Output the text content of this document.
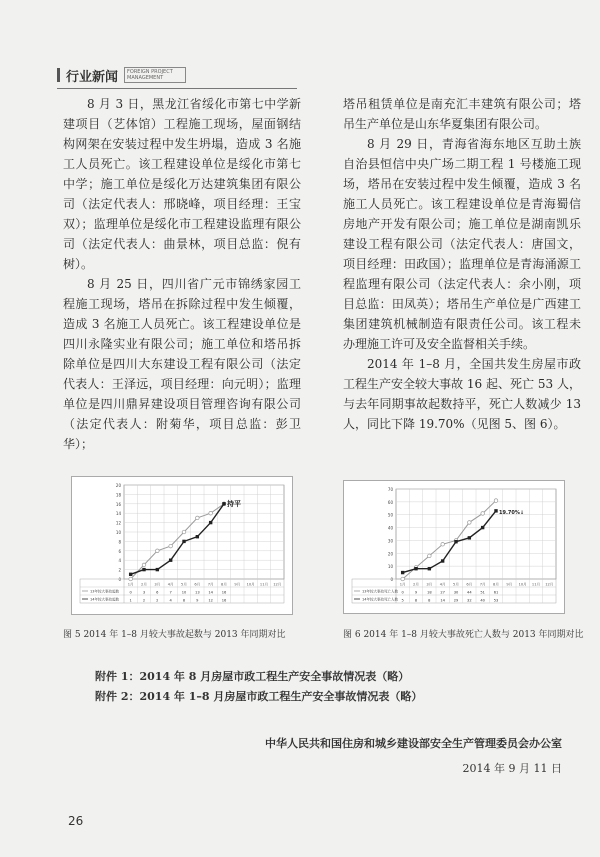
行业新闻	FOREIGN PROJECT MANAGEMENT

8 月 3 日，黑龙江省绥化市第七中学新建项目（艺体馆）工程施工现场，屋面钢结构网架在安装过程中发生坍塌，造成 3 名施工人员死亡。该工程建设单位是绥化市第七中学；施工单位是绥化万达建筑集团有限公司（法定代表人：邢晓峰，项目经理：王宝双）；监理单位是绥化市工程建设监理有限公司（法定代表人：曲景林，项目总监：倪有树）。

8 月 25 日，四川省广元市锦绣家园工程施工现场，塔吊在拆除过程中发生倾覆，造成 3 名施工人员死亡。该工程建设单位是四川永隆实业有限公司；施工单位和塔吊拆除单位是四川大东建设工程有限公司（法定代表人：王泽远，项目经理：向元明）；监理单位是四川鼎昇建设项目管理咨询有限公司（法定代表人：附菊华，项目总监：彭卫华）；

塔吊租赁单位是南充汇丰建筑有限公司；塔吊生产单位是山东华夏集团有限公司。

8 月 29 日，青海省海东地区互助土族自治县恒信中央广场二期工程 1 号楼施工现场，塔吊在安装过程中发生倾覆，造成 3 名施工人员死亡。该工程建设单位是青海蜀信房地产开发有限公司；施工单位是湖南凯乐建设工程有限公司（法定代表人：唐国文，项目经理：田政国）；监理单位是青海涌源工程监理有限公司（法定代表人：余小刚，项目总监：田凤英）；塔吊生产单位是广西建工集团建筑机械制造有限责任公司。该工程未办理施工许可及安全监督相关手续。

2014 年 1–8 月，全国共发生房屋市政工程生产安全较大事故 16 起、死亡 53 人，与去年同期事故起数持平，死亡人数减少 13 人，同比下降 19.70%（见图 5、图 6）。

0
2
4
6
8
10
12
14
16
18
20
1月 2月 3月 4月 5月 6月 7月 8月 9月 10月 11月 12月
0	3	6	7	10 13 14 16
13年较大事故起数
1	2	2	4	8	9	12 16
14年较大事故起数
持平
0
10
20
30
40
50
60
70
1月 2月 3月 4月 5月 6月 7月 8月 9月 10月 11月 12月
0	9	18 27 30 44 51 61
13年较大事故死亡人数
5	8	8	14 29 32 40 53
14年较大事故死亡人数
19.70%↓
图 5 2014 年 1–8 月较大事故起数与 2013 年同期对比	图 6 2014 年 1–8 月较大事故死亡人数与 2013 年同期对比
附件 1：2014 年 8 月房屋市政工程生产安全事故情况表（略）
附件 2：2014 年 1–8 月房屋市政工程生产安全事故情况表（略）
中华人民共和国住房和城乡建设部安全生产管理委员会办公室
2014 年 9 月 11 日
26
